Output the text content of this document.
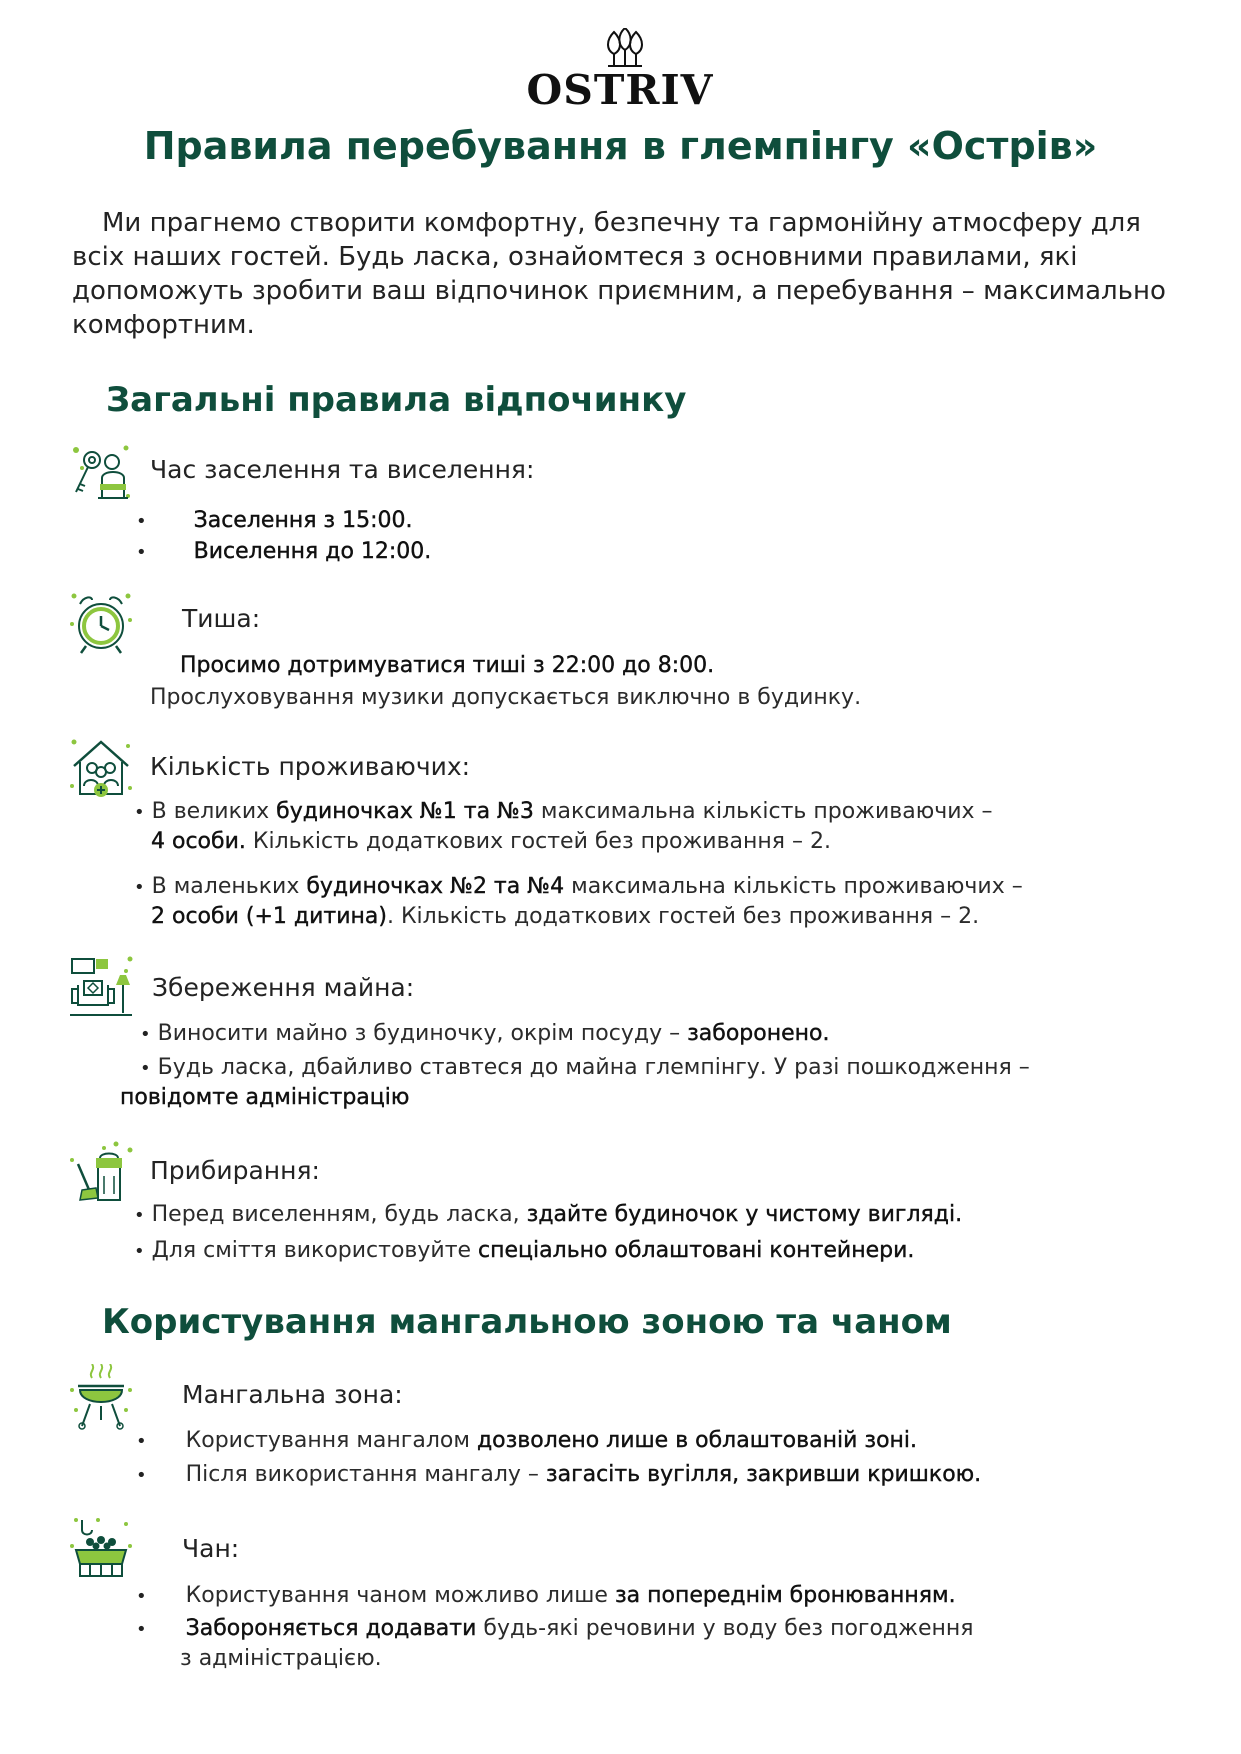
OSTRIV
Правила перебування в глемпінгу «Острів»

Ми прагнемо створити комфортну, безпечну та гармонійну атмосферу для всіх наших гостей. Будь ласка, ознайомтеся з основними правилами, які допоможуть зробити ваш відпочинок приємним, а перебування – максимально комфортним.

Загальні правила відпочинку
Час заселення та виселення:
• Заселення з 15:00.
• Виселення до 12:00.
Тиша:
Просимо дотримуватися тиші з 22:00 до 8:00.
Прослуховування музики допускається виключно в будинку.
Кількість проживаючих:
• В великих будиночках №1 та №3 максимальна кількість проживаючих –
4 особи. Кількість додаткових гостей без проживання – 2.
• В маленьких будиночках №2 та №4 максимальна кількість проживаючих –
2 особи (+1 дитина). Кількість додаткових гостей без проживання – 2.
Збереження майна:
• Виносити майно з будиночку, окрім посуду – заборонено.
• Будь ласка, дбайливо ставтеся до майна глемпінгу. У разі пошкодження –
повідомте адміністрацію
Прибирання:
• Перед виселенням, будь ласка, здайте будиночок у чистому вигляді.
• Для сміття використовуйте спеціально облаштовані контейнери.
Користування мангальною зоною та чаном
Мангальна зона:
• Користування мангалом дозволено лише в облаштованій зоні.
• Після використання мангалу – загасіть вугілля, закривши кришкою.
Чан:
• Користування чаном можливо лише за попереднім бронюванням.
• Забороняється додавати будь-які речовини у воду без погодження
з адміністрацією.
